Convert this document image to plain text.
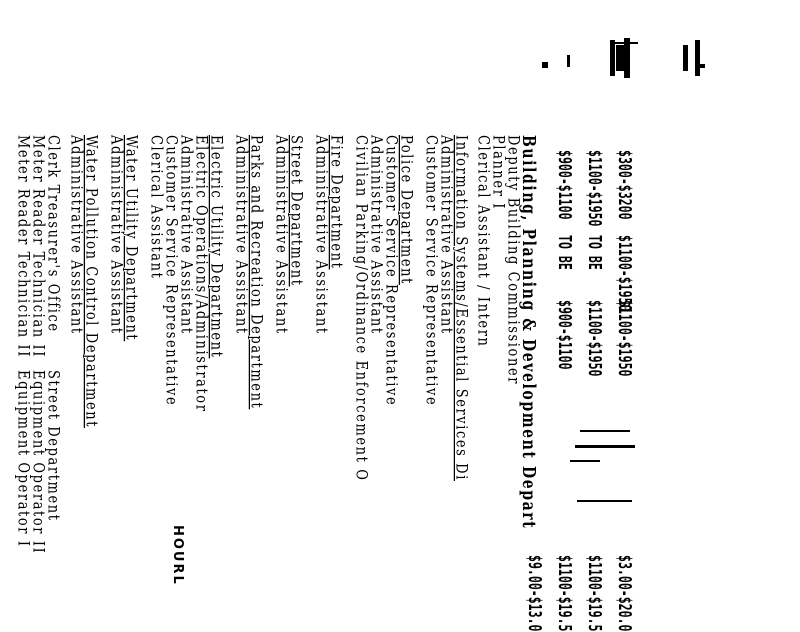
Building, Planning & Development Depart
Deputy Building Commissioner
Planner I
Clerical Assistant / Intern	$300-$3200
$1100-$1950
$900-$1100
$1100-$1950
TO BE
TO BE
$1100-$1950
$1100-$1950
$900-$1100
$3.00-$20.0
$1100-$19.5
$1100-$19.5
$9.00-$13.0
Information Systems/Essential Services Di
Administrative Assistant
Customer Service Representative
Police Department
Customer Service Representative
Administrative Assistant
Civilian Parking/Ordinance Enforcement O
Fire Department
Administrative Assistant
Street Department
Administrative Assistant
Parks and Recreation Department
Administrative Assistant
Electric Utility Department
Electric Operations/Administrator
Administrative Assistant
Customer Service Representative
Clerical Assistant
Water Utility Department
Administrative Assistant
Water Pollution Control Department
Administrative Assistant
Clerk Treasurer's Office
Meter Reader Technician II
Meter Reader Technician II
Street Department
Equipment Operator II
Equipment Operator I
HOURL
